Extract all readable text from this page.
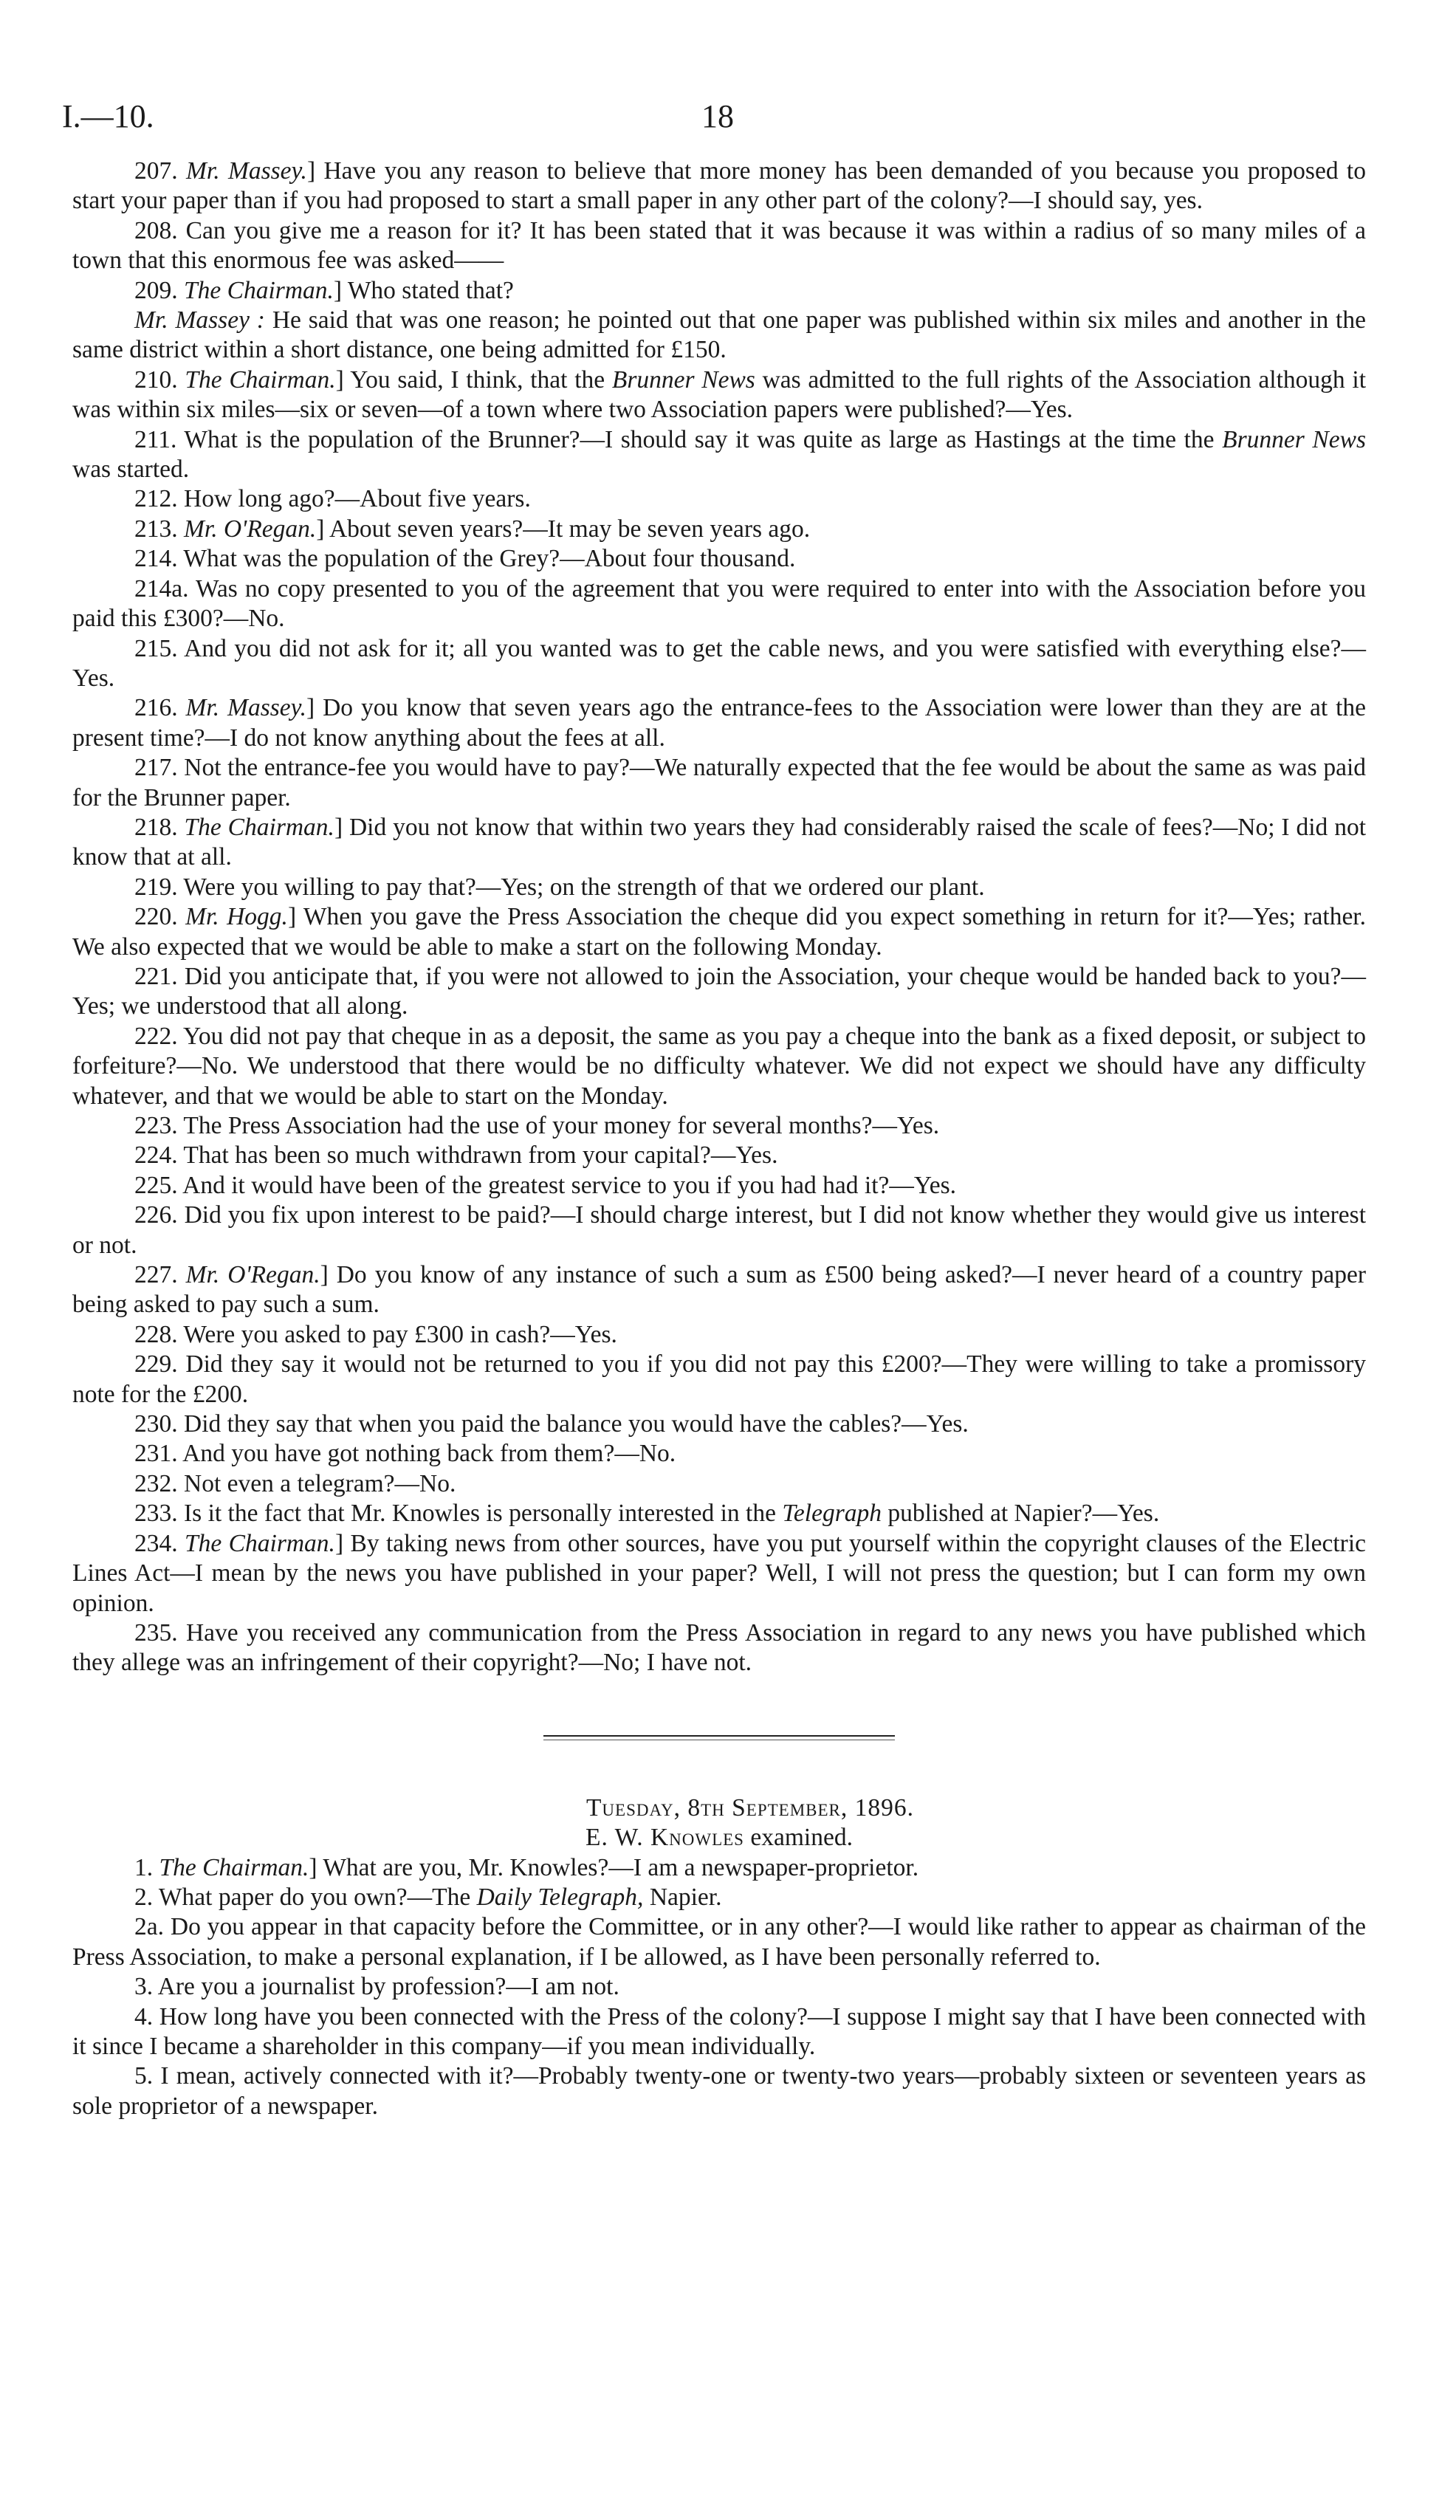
I.—10.	18

207. Mr. Massey.] Have you any reason to believe that more money has been demanded of you because you proposed to start your paper than if you had proposed to start a small paper in any other part of the colony?—I should say, yes.

208. Can you give me a reason for it? It has been stated that it was because it was within a radius of so many miles of a town that this enormous fee was asked——

209. The Chairman.] Who stated that?

Mr. Massey : He said that was one reason; he pointed out that one paper was published within six miles and another in the same district within a short distance, one being admitted for £150.

210. The Chairman.] You said, I think, that the Brunner News was admitted to the full rights of the Association although it was within six miles—six or seven—of a town where two Association papers were published?—Yes.

211. What is the population of the Brunner?—I should say it was quite as large as Hastings at the time the Brunner News was started.

212. How long ago?—About five years.

213. Mr. O'Regan.] About seven years?—It may be seven years ago.

214. What was the population of the Grey?—About four thousand.

214a. Was no copy presented to you of the agreement that you were required to enter into with the Association before you paid this £300?—No.

215. And you did not ask for it; all you wanted was to get the cable news, and you were satisfied with everything else?—Yes.

216. Mr. Massey.] Do you know that seven years ago the entrance-fees to the Association were lower than they are at the present time?—I do not know anything about the fees at all.

217. Not the entrance-fee you would have to pay?—We naturally expected that the fee would be about the same as was paid for the Brunner paper.

218. The Chairman.] Did you not know that within two years they had considerably raised the scale of fees?—No; I did not know that at all.

219. Were you willing to pay that?—Yes; on the strength of that we ordered our plant.

220. Mr. Hogg.] When you gave the Press Association the cheque did you expect something in return for it?—Yes; rather. We also expected that we would be able to make a start on the following Monday.

221. Did you anticipate that, if you were not allowed to join the Association, your cheque would be handed back to you?—Yes; we understood that all along.

222. You did not pay that cheque in as a deposit, the same as you pay a cheque into the bank as a fixed deposit, or subject to forfeiture?—No. We understood that there would be no difficulty whatever. We did not expect we should have any difficulty whatever, and that we would be able to start on the Monday.

223. The Press Association had the use of your money for several months?—Yes.

224. That has been so much withdrawn from your capital?—Yes.

225. And it would have been of the greatest service to you if you had had it?—Yes.

226. Did you fix upon interest to be paid?—I should charge interest, but I did not know whether they would give us interest or not.

227. Mr. O'Regan.] Do you know of any instance of such a sum as £500 being asked?—I never heard of a country paper being asked to pay such a sum.

228. Were you asked to pay £300 in cash?—Yes.

229. Did they say it would not be returned to you if you did not pay this £200?—They were willing to take a promissory note for the £200.

230. Did they say that when you paid the balance you would have the cables?—Yes.

231. And you have got nothing back from them?—No.

232. Not even a telegram?—No.

233. Is it the fact that Mr. Knowles is personally interested in the Telegraph published at Napier?—Yes.

234. The Chairman.] By taking news from other sources, have you put yourself within the copyright clauses of the Electric Lines Act—I mean by the news you have published in your paper? Well, I will not press the question; but I can form my own opinion.

235. Have you received any communication from the Press Association in regard to any news you have published which they allege was an infringement of their copyright?—No; I have not.

Tuesday, 8th September, 1896.

E. W. Knowles examined.

1. The Chairman.] What are you, Mr. Knowles?—I am a newspaper-proprietor.

2. What paper do you own?—The Daily Telegraph, Napier.

2a. Do you appear in that capacity before the Committee, or in any other?—I would like rather to appear as chairman of the Press Association, to make a personal explanation, if I be allowed, as I have been personally referred to.

3. Are you a journalist by profession?—I am not.

4. How long have you been connected with the Press of the colony?—I suppose I might say that I have been connected with it since I became a shareholder in this company—if you mean individually.

5. I mean, actively connected with it?—Probably twenty-one or twenty-two years—probably sixteen or seventeen years as sole proprietor of a newspaper.
